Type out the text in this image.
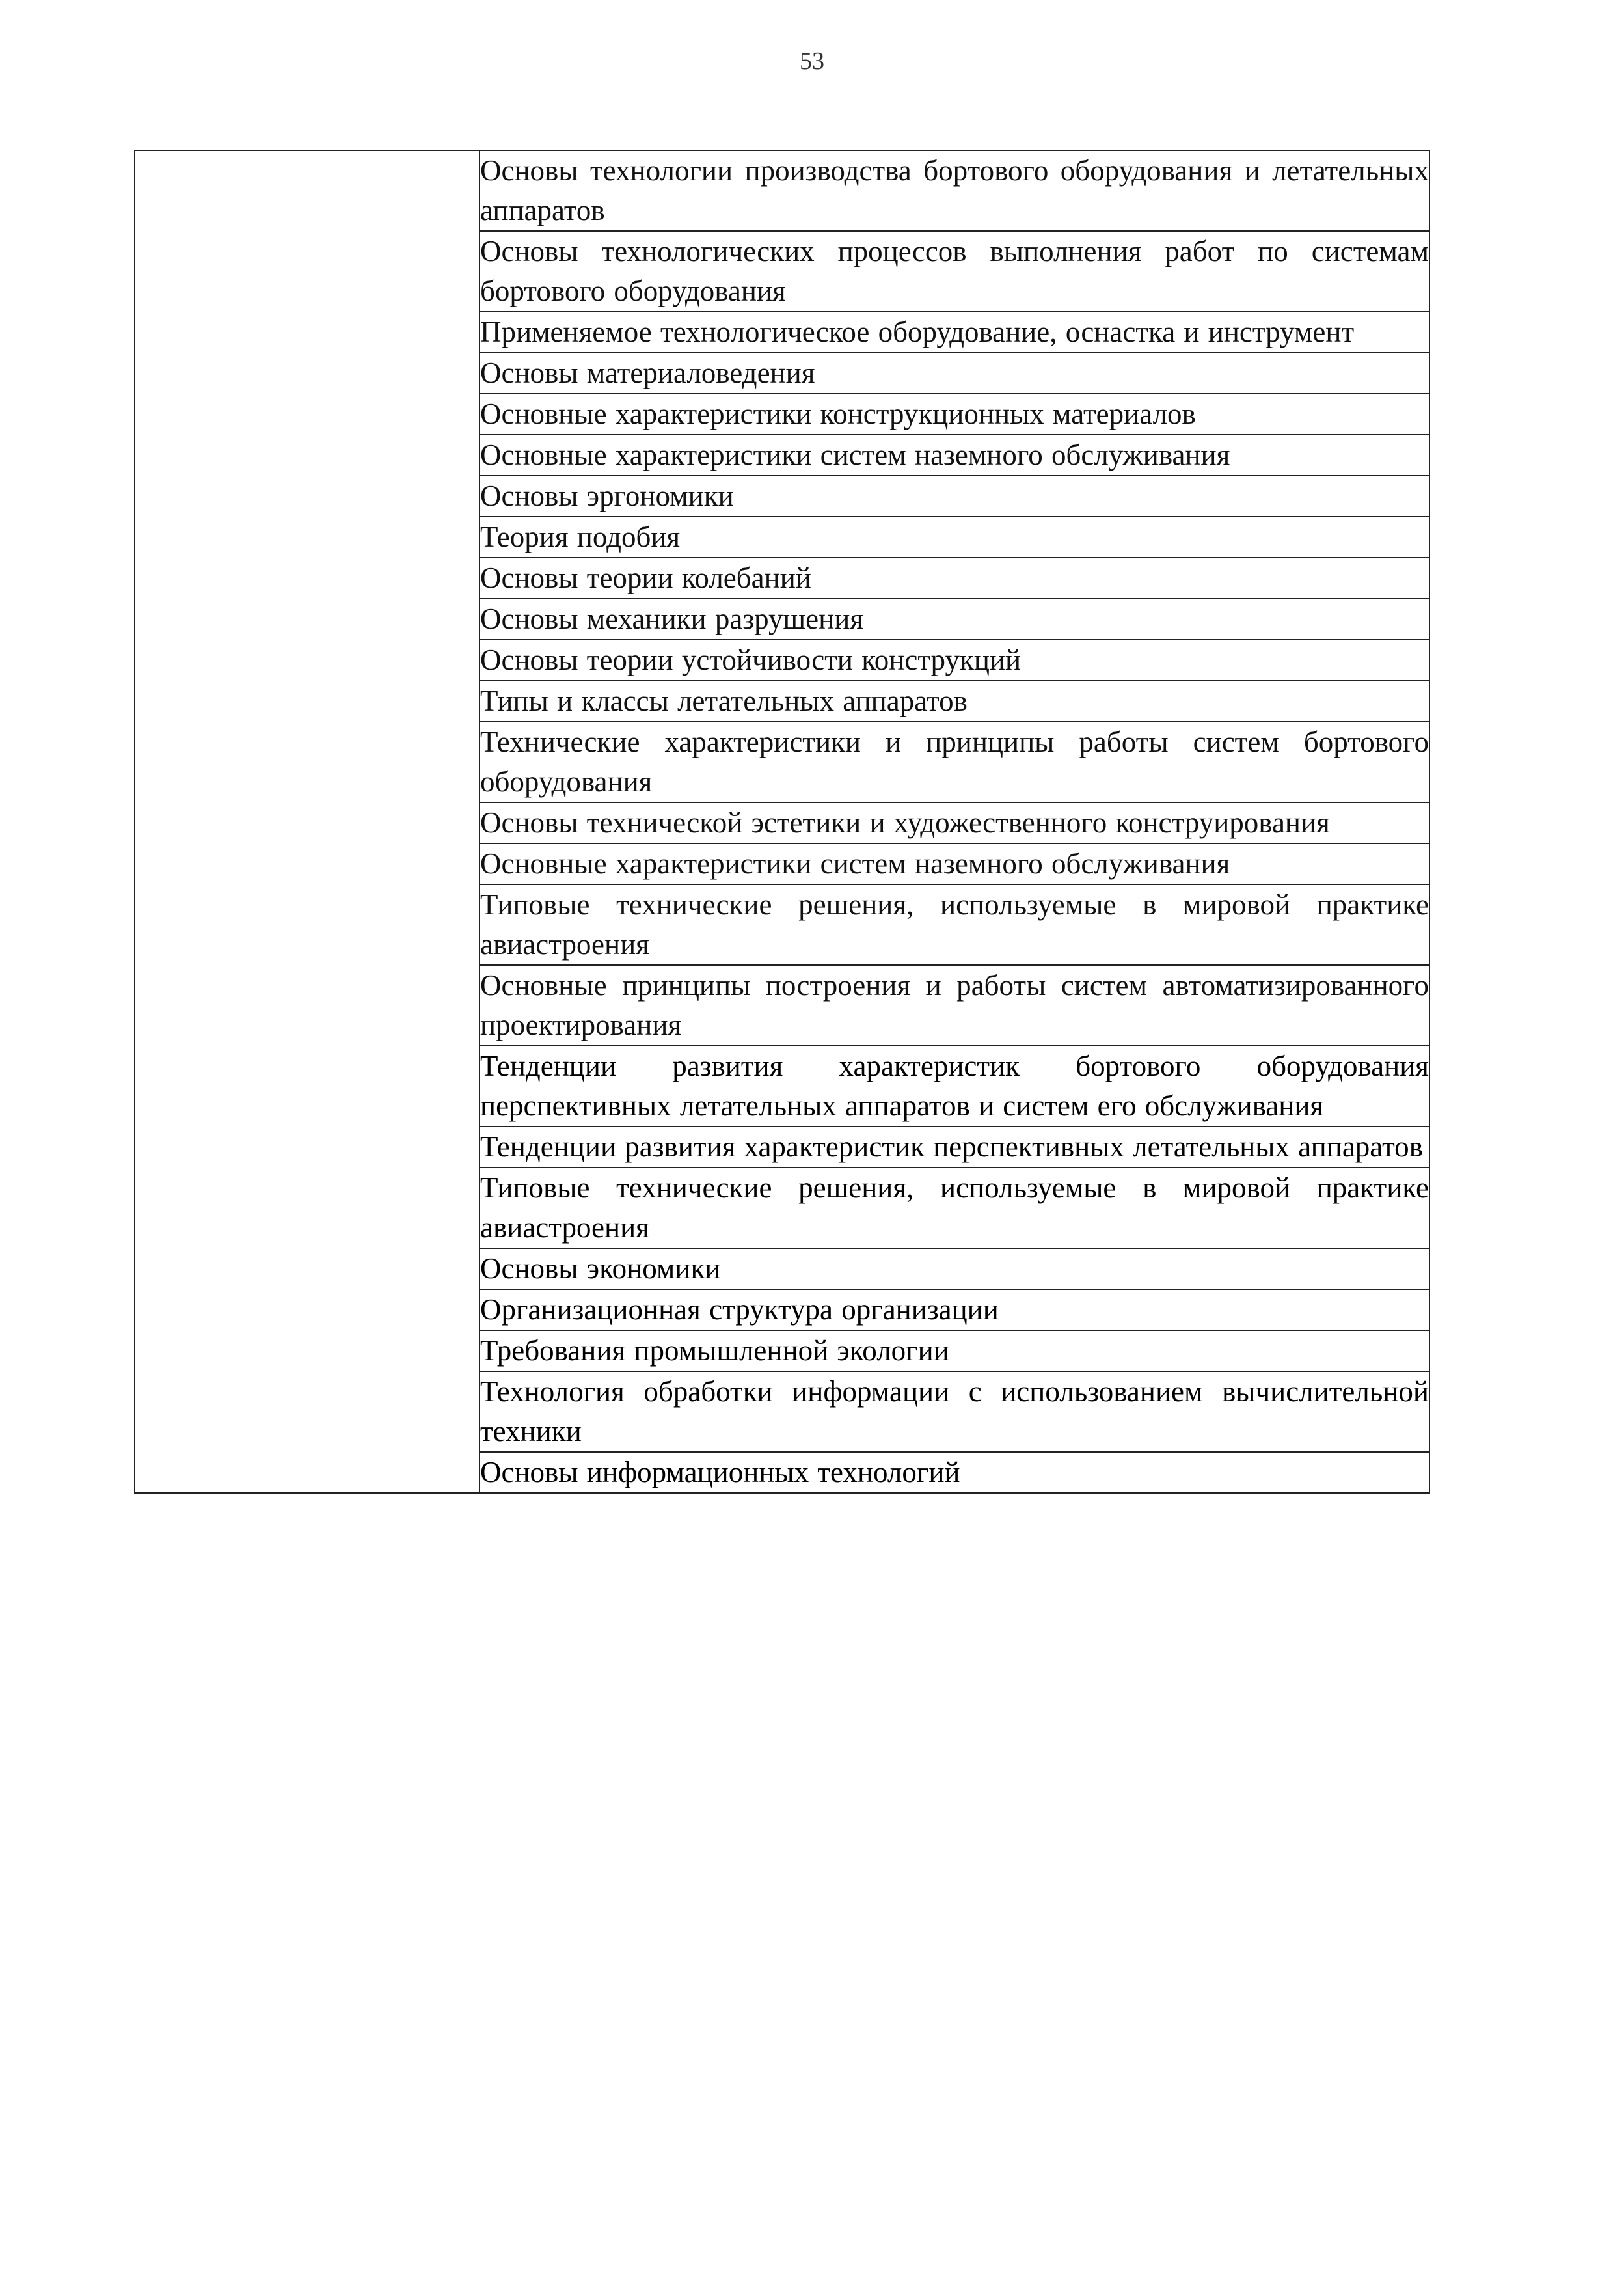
53
	Основы технологии производства бортового оборудования и летательных аппаратов
Основы технологических процессов выполнения работ по системам бортового оборудования
Применяемое технологическое оборудование, оснастка и инструмент
Основы материаловедения
Основные характеристики конструкционных материалов
Основные характеристики систем наземного обслуживания
Основы эргономики
Теория подобия
Основы теории колебаний
Основы механики разрушения
Основы теории устойчивости конструкций
Типы и классы летательных аппаратов
Технические характеристики и принципы работы систем бортового оборудования
Основы технической эстетики и художественного конструирования
Основные характеристики систем наземного обслуживания
Типовые технические решения, используемые в мировой практике авиастроения
Основные принципы построения и работы систем автоматизированного проектирования
Тенденции развития характеристик бортового оборудования перспективных летательных аппаратов и систем его обслуживания
Тенденции развития характеристик перспективных летательных аппаратов
Типовые технические решения, используемые в мировой практике авиастроения
Основы экономики
Организационная структура организации
Требования промышленной экологии
Технология обработки информации с использованием вычислительной техники
Основы информационных технологий
